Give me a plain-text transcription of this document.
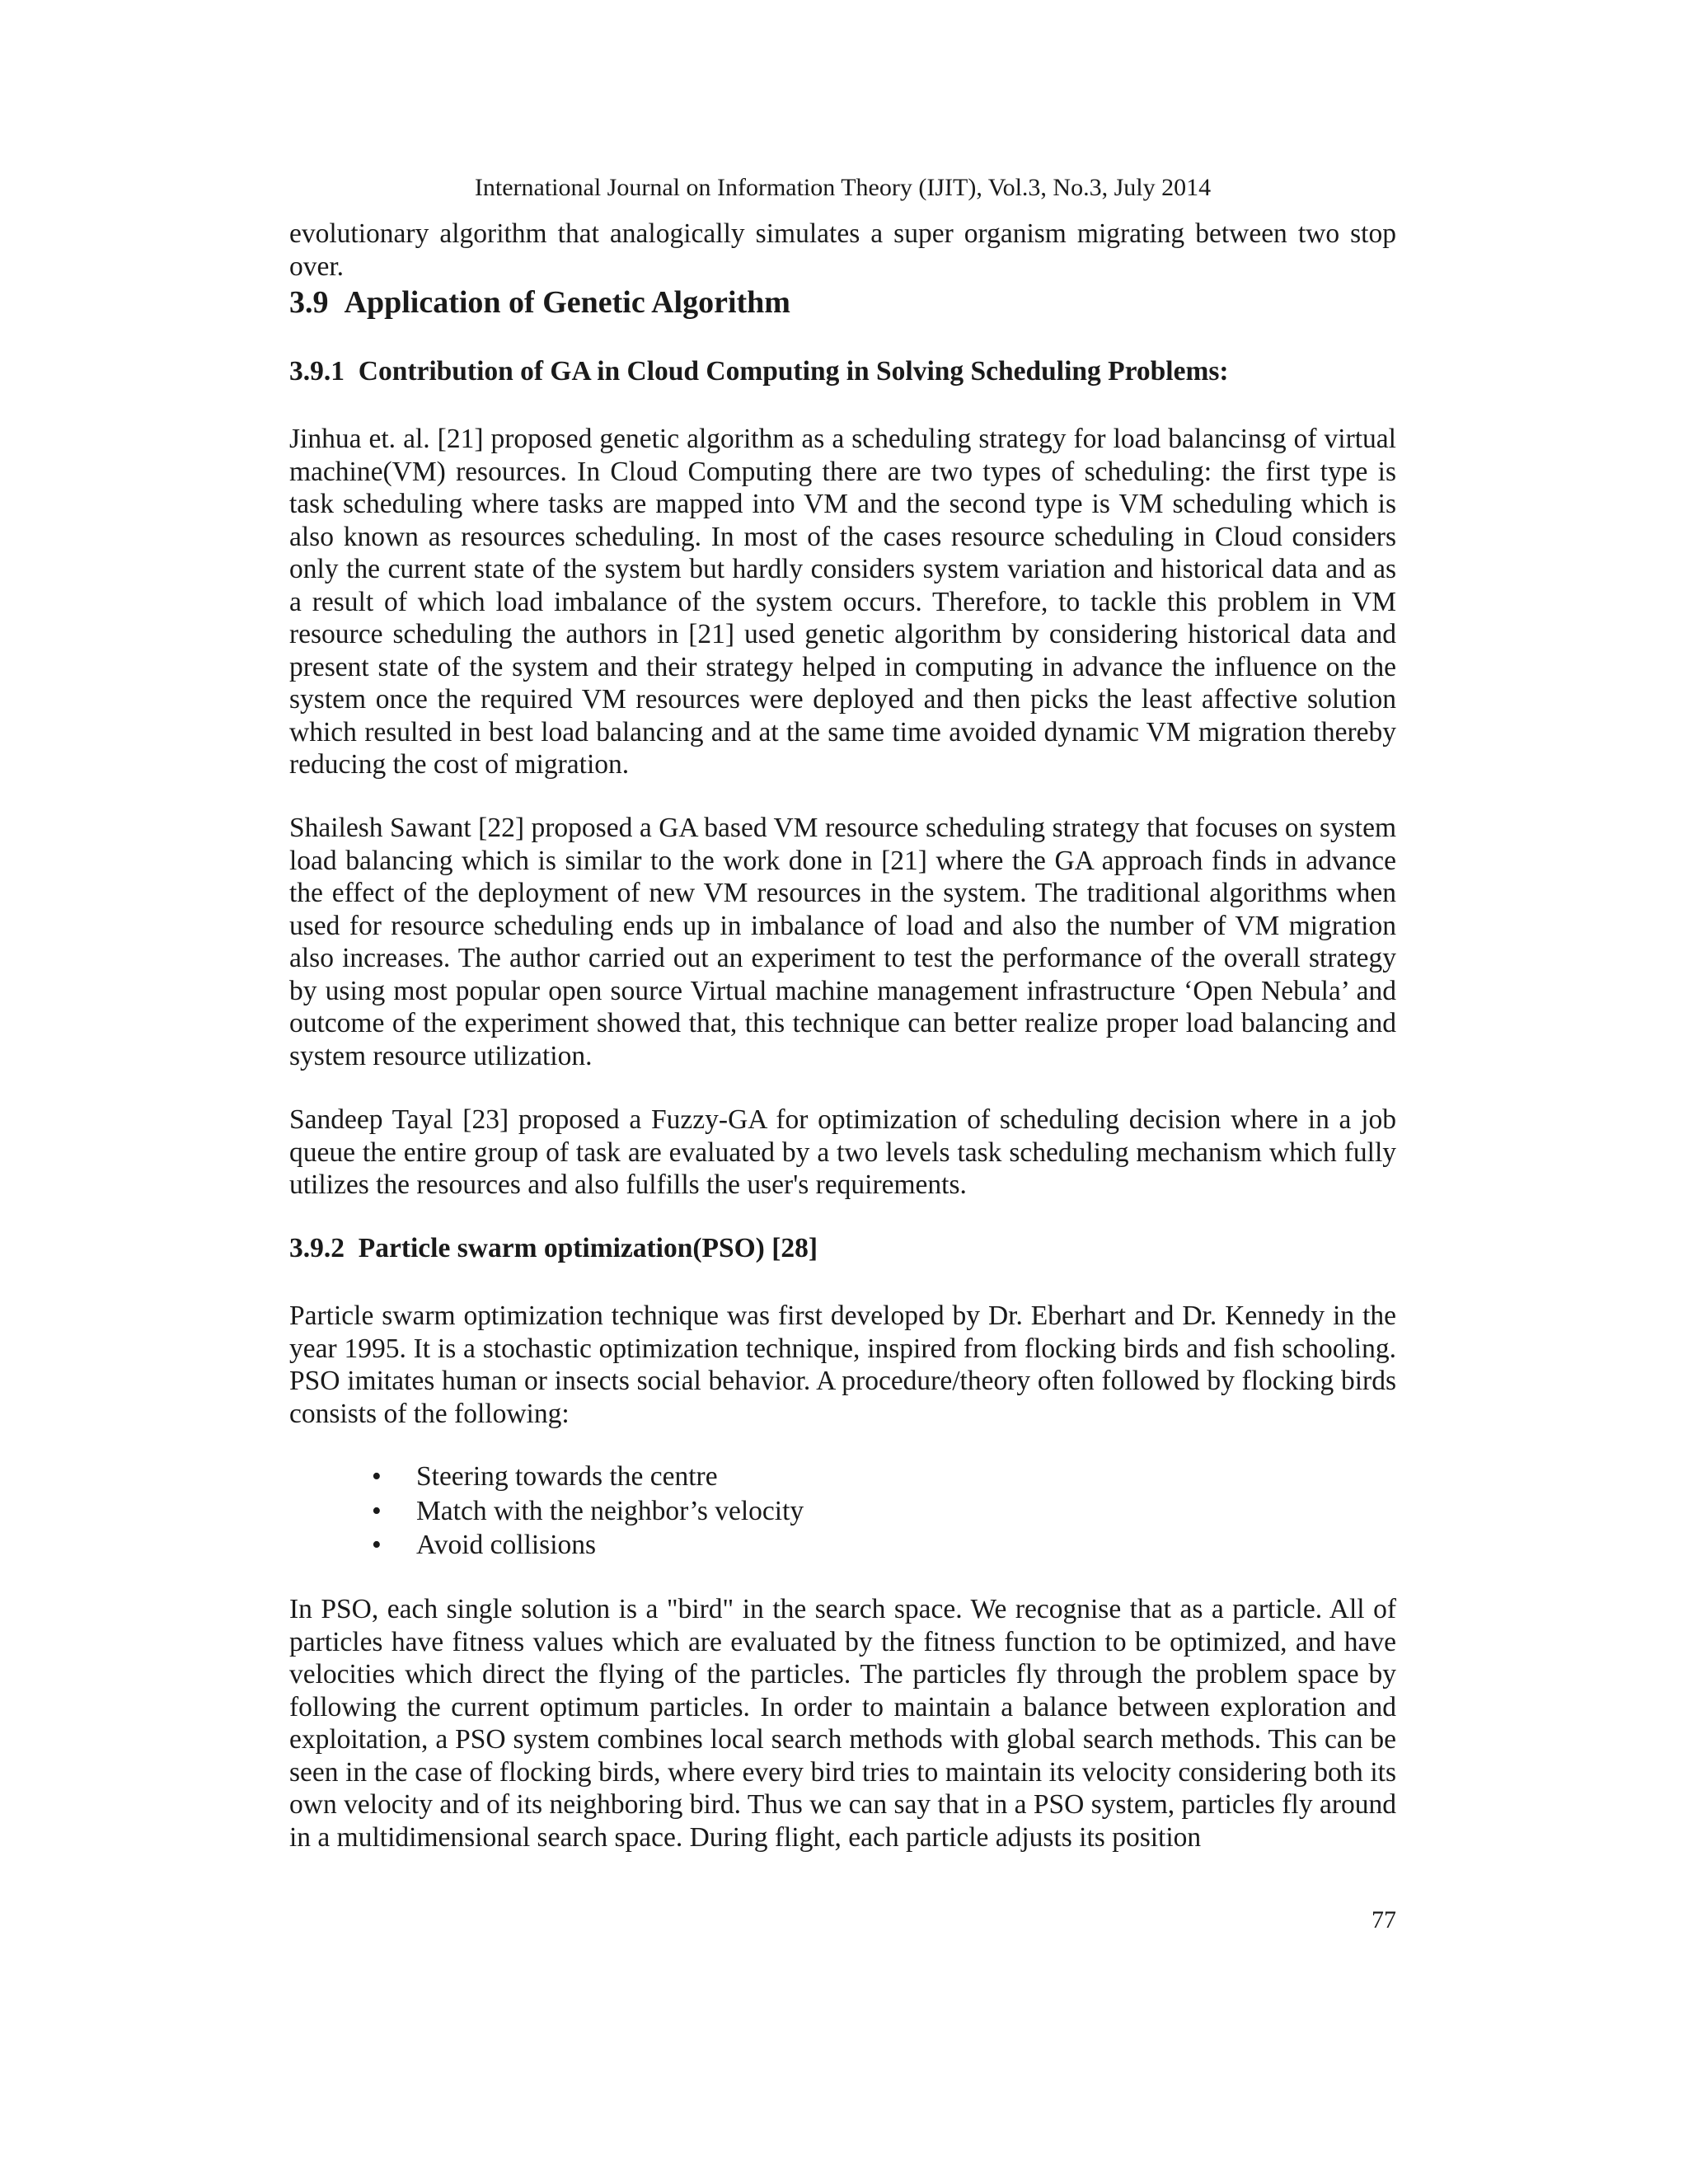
International Journal on Information Theory (IJIT), Vol.3, No.3, July 2014

evolutionary algorithm that analogically simulates a super organism migrating between two stop over.

3.9 Application of Genetic Algorithm
3.9.1 Contribution of GA in Cloud Computing in Solving Scheduling Problems:

Jinhua et. al. [21] proposed genetic algorithm as a scheduling strategy for load balancinsg of virtual machine(VM) resources. In Cloud Computing there are two types of scheduling: the first type is task scheduling where tasks are mapped into VM and the second type is VM scheduling which is also known as resources scheduling. In most of the cases resource scheduling in Cloud considers only the current state of the system but hardly considers system variation and historical data and as a result of which load imbalance of the system occurs. Therefore, to tackle this problem in VM resource scheduling the authors in [21] used genetic algorithm by considering historical data and present state of the system and their strategy helped in computing in advance the influence on the system once the required VM resources were deployed and then picks the least affective solution which resulted in best load balancing and at the same time avoided dynamic VM migration thereby reducing the cost of migration.

Shailesh Sawant [22] proposed a GA based VM resource scheduling strategy that focuses on system load balancing which is similar to the work done in [21] where the GA approach finds in advance the effect of the deployment of new VM resources in the system. The traditional algorithms when used for resource scheduling ends up in imbalance of load and also the number of VM migration also increases. The author carried out an experiment to test the performance of the overall strategy by using most popular open source Virtual machine management infrastructure ‘Open Nebula’ and outcome of the experiment showed that, this technique can better realize proper load balancing and system resource utilization.

Sandeep Tayal [23] proposed a Fuzzy-GA for optimization of scheduling decision where in a job queue the entire group of task are evaluated by a two levels task scheduling mechanism which fully utilizes the resources and also fulfills the user's requirements.

3.9.2 Particle swarm optimization(PSO) [28]

Particle swarm optimization technique was first developed by Dr. Eberhart and Dr. Kennedy in the year 1995. It is a stochastic optimization technique, inspired from flocking birds and fish schooling. PSO imitates human or insects social behavior. A procedure/theory often followed by flocking birds consists of the following:

• Steering towards the centre
• Match with the neighbor’s velocity
• Avoid collisions

In PSO, each single solution is a "bird" in the search space. We recognise that as a particle. All of particles have fitness values which are evaluated by the fitness function to be optimized, and have velocities which direct the flying of the particles. The particles fly through the problem space by following the current optimum particles. In order to maintain a balance between exploration and exploitation, a PSO system combines local search methods with global search methods. This can be seen in the case of flocking birds, where every bird tries to maintain its velocity considering both its own velocity and of its neighboring bird. Thus we can say that in a PSO system, particles fly around in a multidimensional search space. During flight, each particle adjusts its position

77
